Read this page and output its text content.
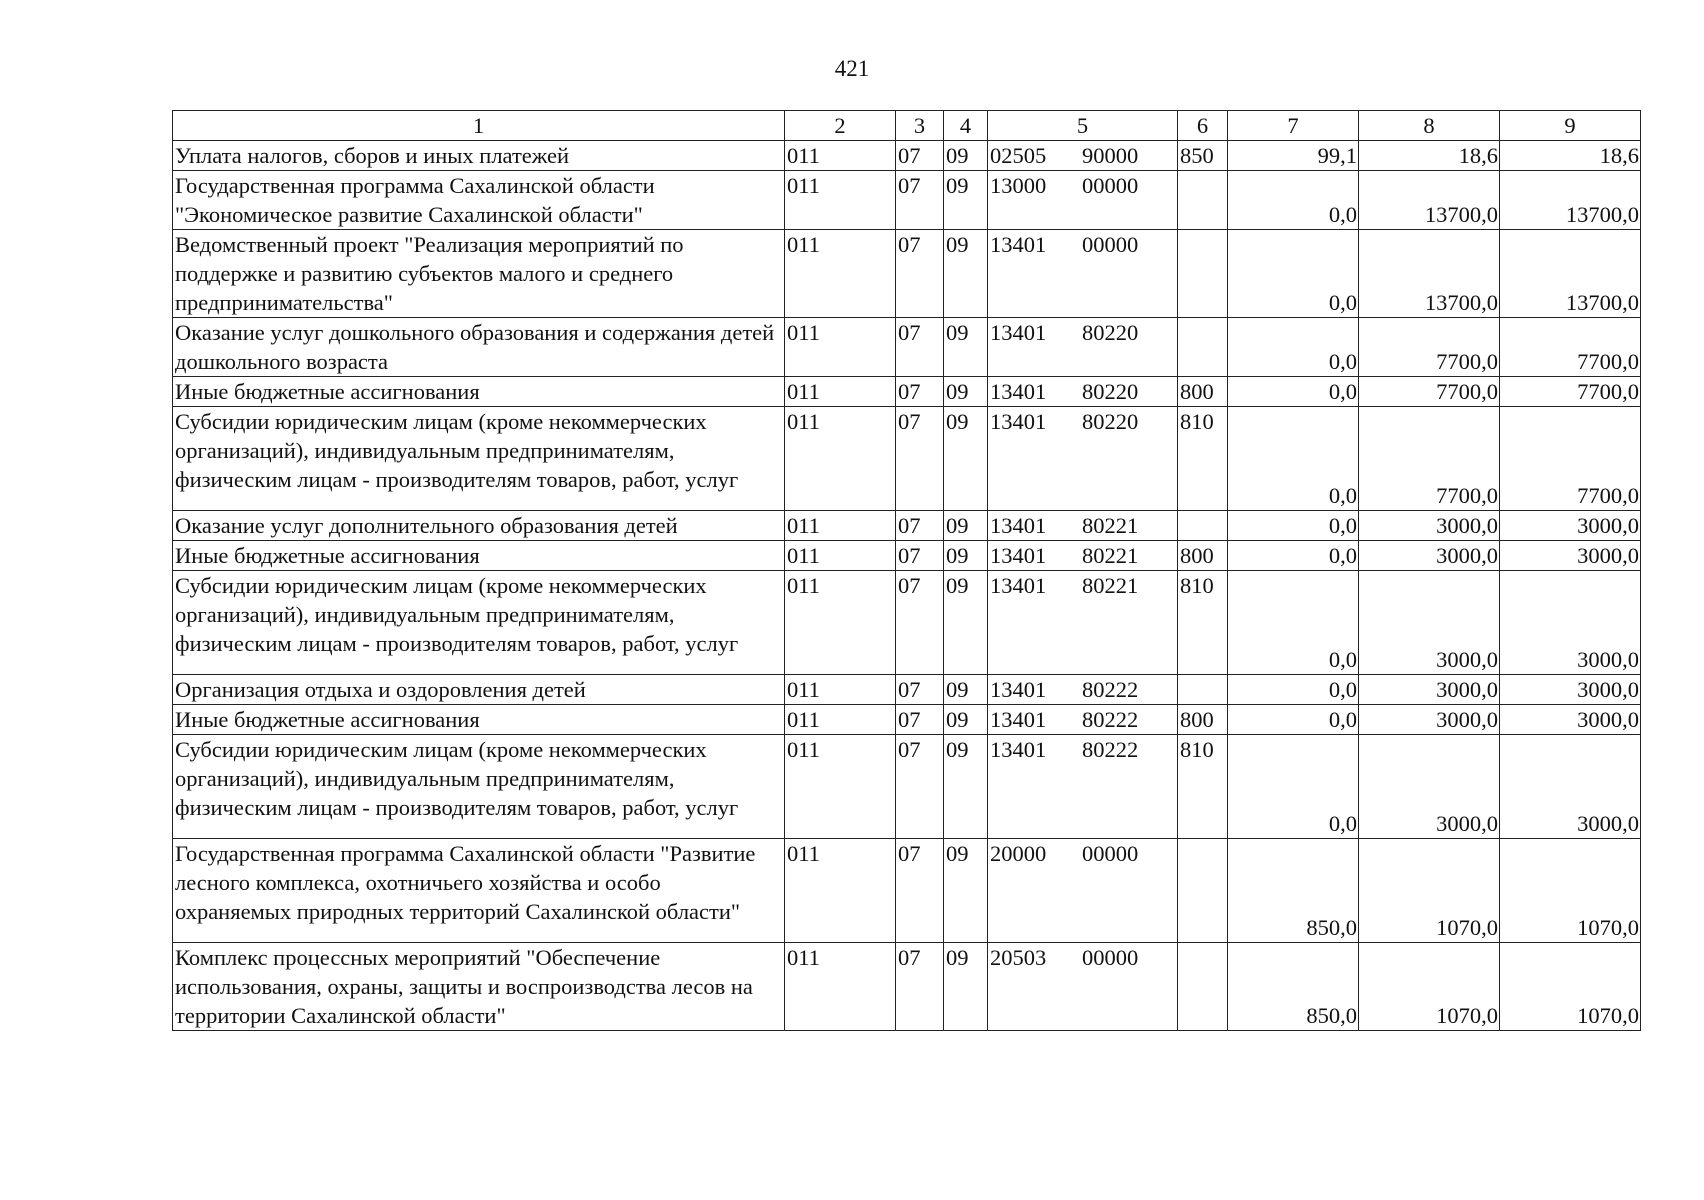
421
1	2	3	4	5	6	7	8	9
Уплата налогов, сборов и иных платежей	011	07	09	02505 90000	850	99,1	18,6	18,6
Государственная программа Сахалинской области "Экономическое развитие Сахалинской области"	011	07	09	13000 00000		0,0	13700,0	13700,0
Ведомственный проект "Реализация мероприятий по поддержке и развитию субъектов малого и среднего предпринимательства"	011	07	09	13401 00000		0,0	13700,0	13700,0
Оказание услуг дошкольного образования и содержания детей дошкольного возраста	011	07	09	13401 80220		0,0	7700,0	7700,0
Иные бюджетные ассигнования	011	07	09	13401 80220	800	0,0	7700,0	7700,0
Субсидии юридическим лицам (кроме некоммерческих организаций), индивидуальным предпринимателям, физическим лицам - производителям товаров, работ, услуг	011	07	09	13401 80220	810	0,0	7700,0	7700,0
Оказание услуг дополнительного образования детей	011	07	09	13401 80221		0,0	3000,0	3000,0
Иные бюджетные ассигнования	011	07	09	13401 80221	800	0,0	3000,0	3000,0
Субсидии юридическим лицам (кроме некоммерческих организаций), индивидуальным предпринимателям, физическим лицам - производителям товаров, работ, услуг	011	07	09	13401 80221	810	0,0	3000,0	3000,0
Организация отдыха и оздоровления детей	011	07	09	13401 80222		0,0	3000,0	3000,0
Иные бюджетные ассигнования	011	07	09	13401 80222	800	0,0	3000,0	3000,0
Субсидии юридическим лицам (кроме некоммерческих организаций), индивидуальным предпринимателям, физическим лицам - производителям товаров, работ, услуг	011	07	09	13401 80222	810	0,0	3000,0	3000,0
Государственная программа Сахалинской области "Развитие лесного комплекса, охотничьего хозяйства и особо охраняемых природных территорий Сахалинской области"	011	07	09	20000 00000		850,0	1070,0	1070,0
Комплекс процессных мероприятий "Обеспечение использования, охраны, защиты и воспроизводства лесов на территории Сахалинской области"	011	07	09	20503 00000		850,0	1070,0	1070,0
